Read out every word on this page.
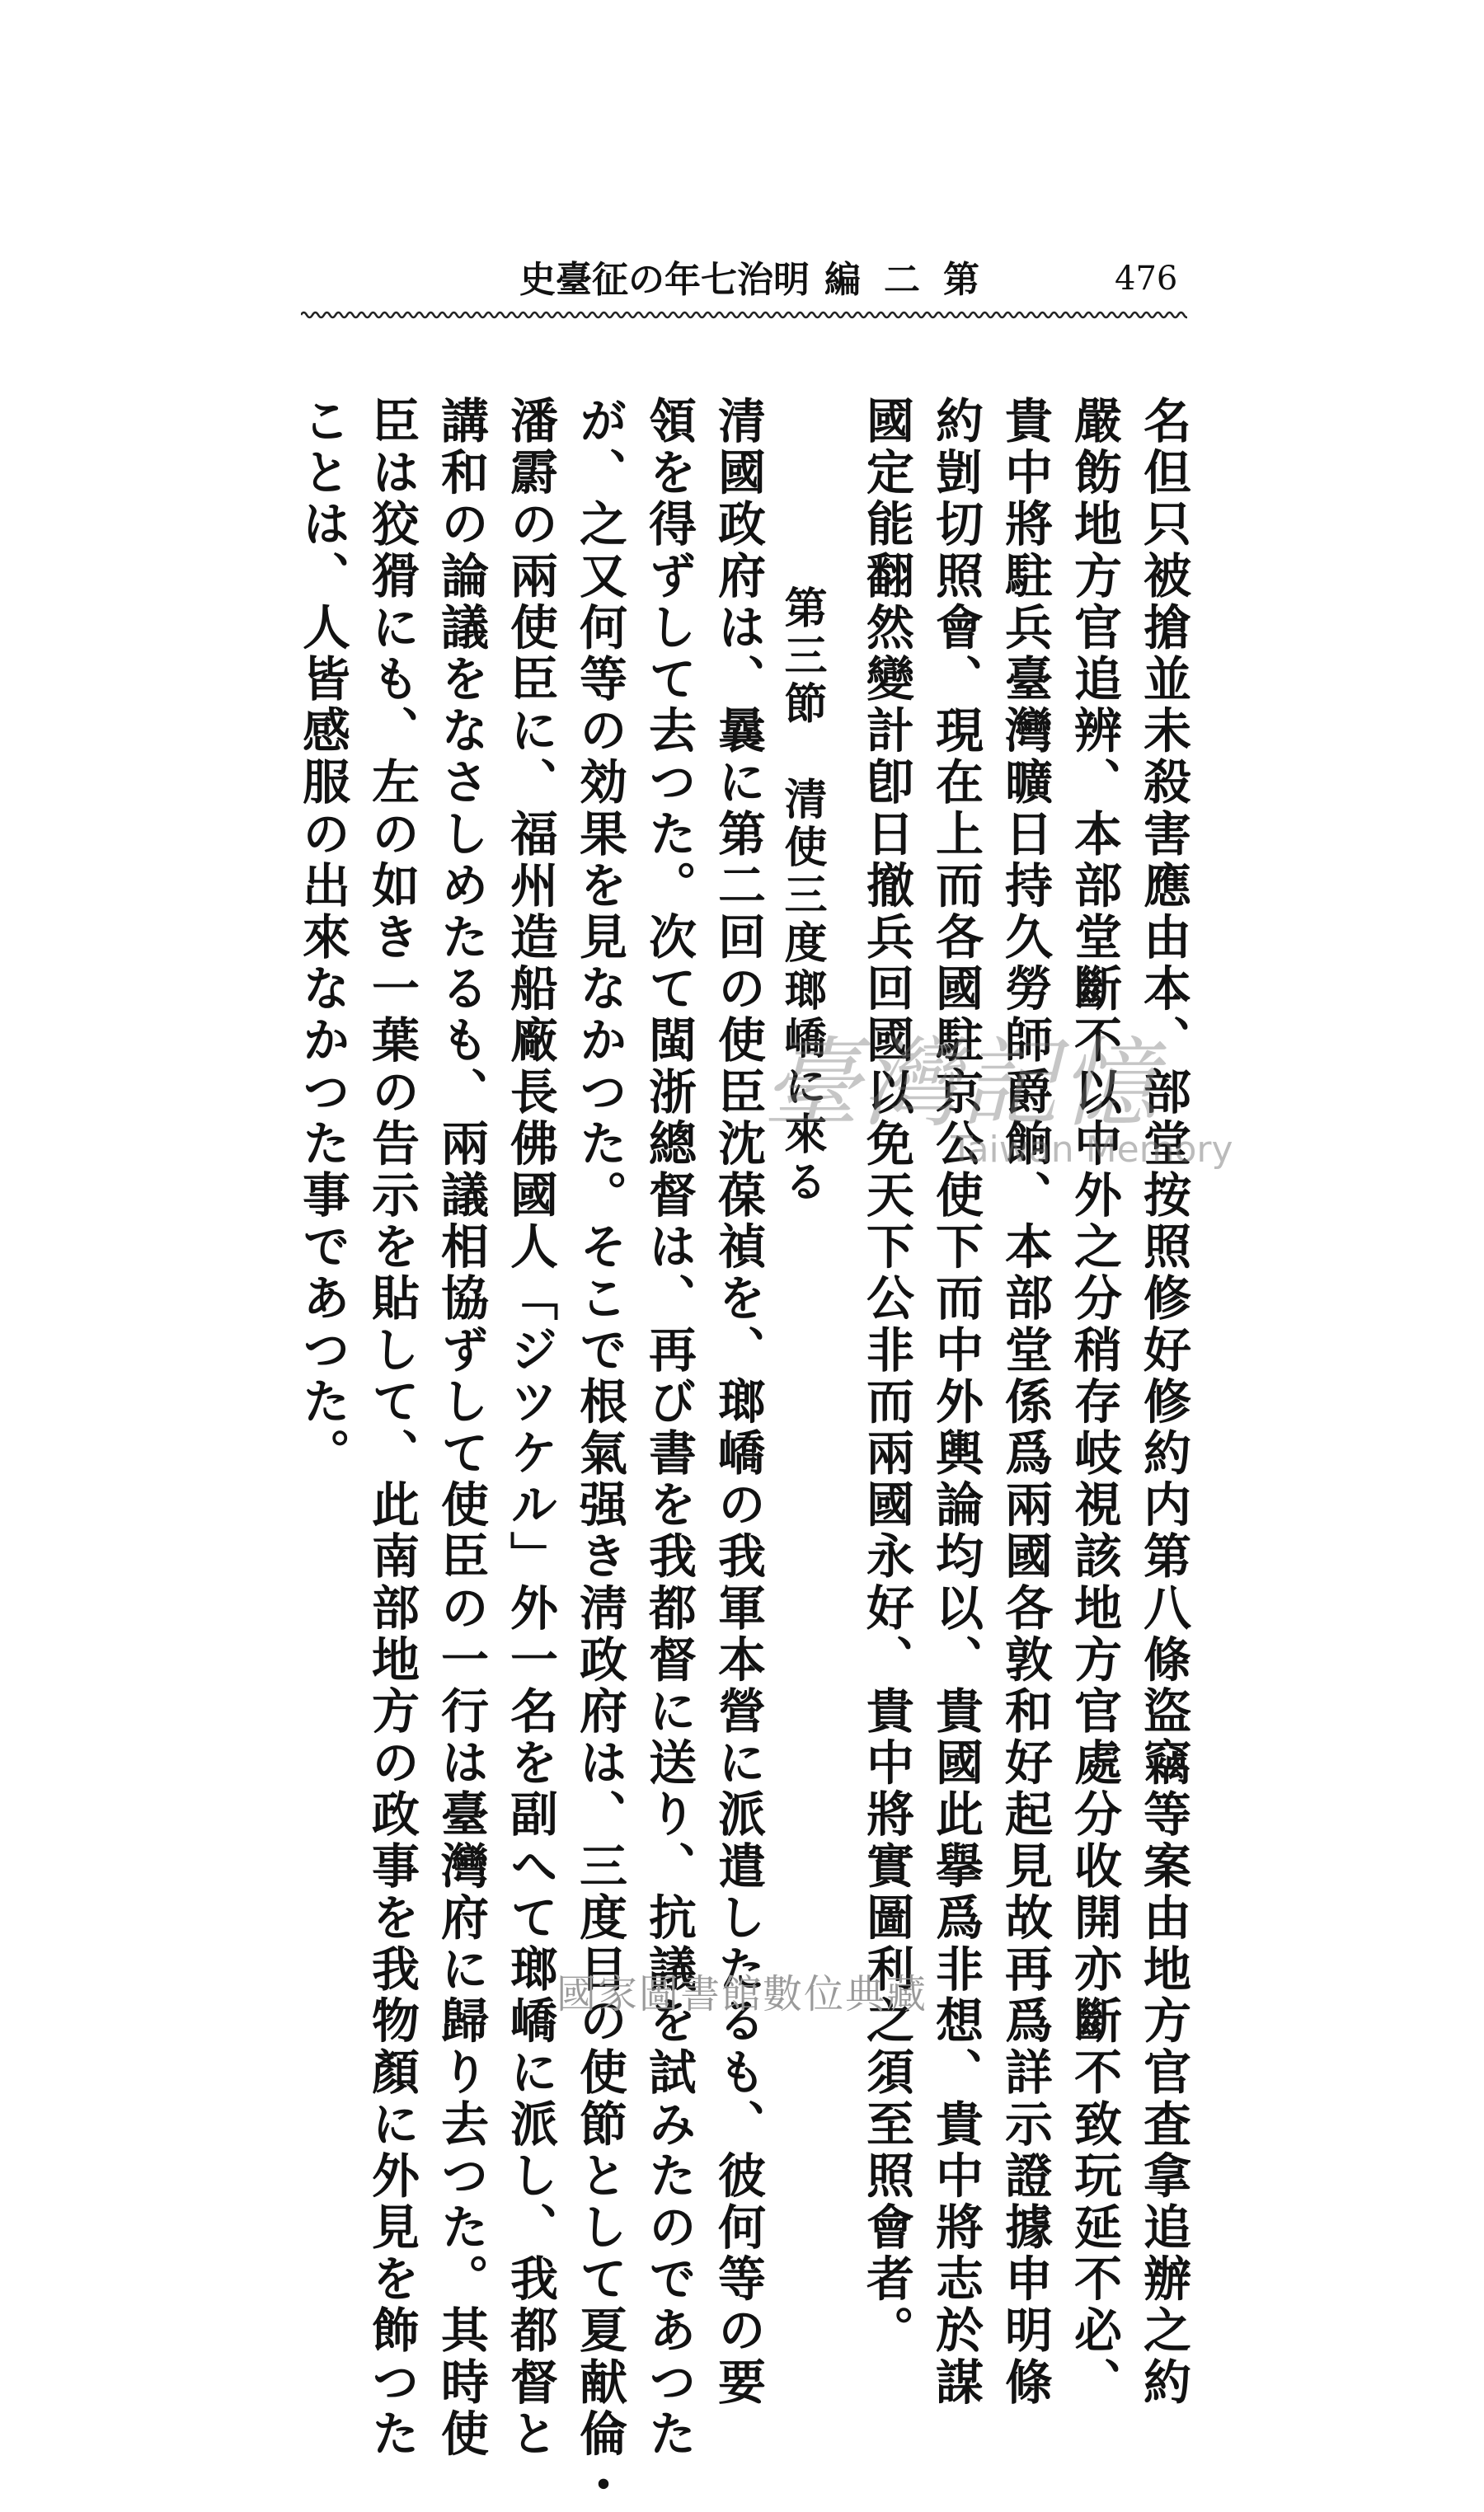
史臺征の年七治明 編二第	476
名但只被搶並未殺害應由本、部堂按照修好修約内第八條盜竊等案由地方官査拿追辦之約
嚴飭地方官追辨、本部堂斷不以中外之分稍存岐視該地方官處分收開亦斷不致玩延不必、
貴中將駐兵臺灣曠日持久勞師爵餉、本部堂係爲兩國各敦和好起見故再爲詳示證據申明條
約剴切照會、現在上而各國駐京公使下而中外輿論均以、貴國此擧爲非想、貴中將志於謀
國定能翻然變計卽日撤兵回國以免天下公非而兩國永好、貴中將實圖利之須至照會者。
第三節　清使三度瑯嶠に來る
清國政府は、曩に第二回の使臣沈葆禎を、瑯嶠の我軍本營に派遣したるも、彼何等の要
領を得ずして去つた。次て閩浙總督は、再び書を我都督に送り、抗議を試みたのであつた
が、之又何等の効果を見なかつた。そこで根氣强き淸政府は、三度目の使節として夏献倫・
潘霨の兩使臣に、福州造船廠長佛國人「ジツケル」外一名を副へて瑯嶠に派し、我都督と
講和の論議をなさしめたるも、兩議相協ずして使臣の一行は臺灣府に歸り去つた。其時使
臣は狡猾にも、左の如き一葉の告示を貼して、此南部地方の政事を我物顏に外見を飾つた
ことは、人皆感服の出來なかつた事であつた。	臺灣記憶
Taiwan Memory
國家圖書館數位典藏
